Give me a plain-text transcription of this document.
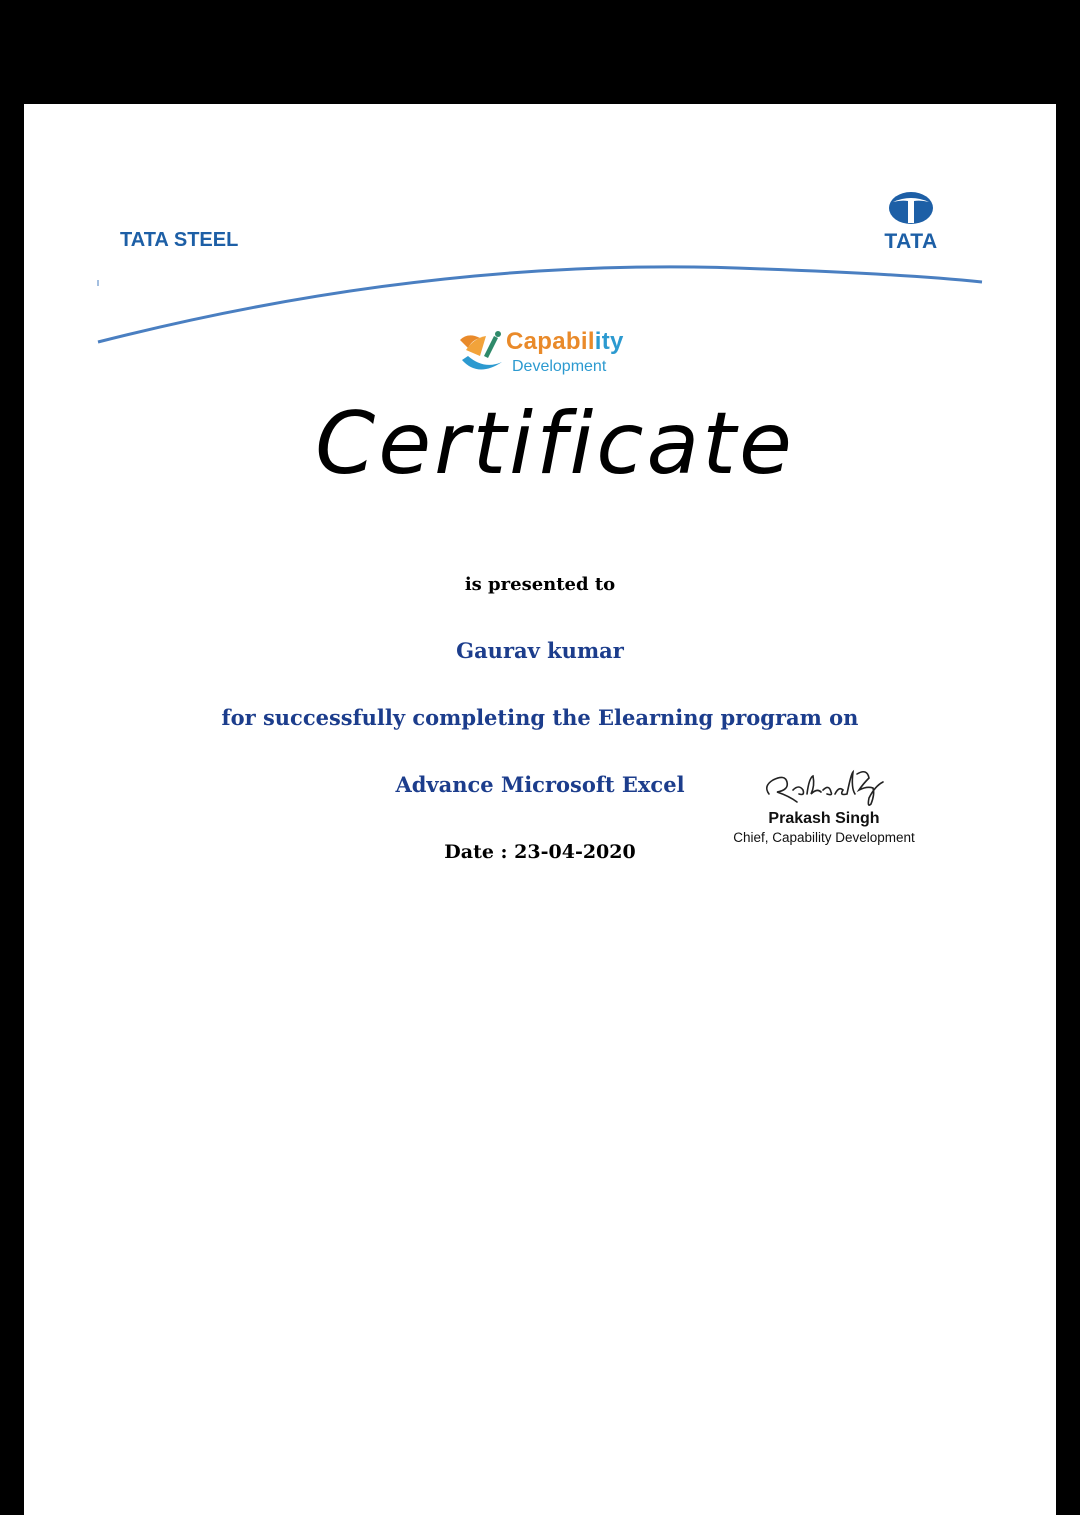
TATA STEEL	TATA
Capability
Development
Certificate
is presented to
Gaurav kumar
for successfully completing the Elearning program on
Advance Microsoft Excel
Date : 23-04-2020
Prakash Singh
Chief, Capability Development
